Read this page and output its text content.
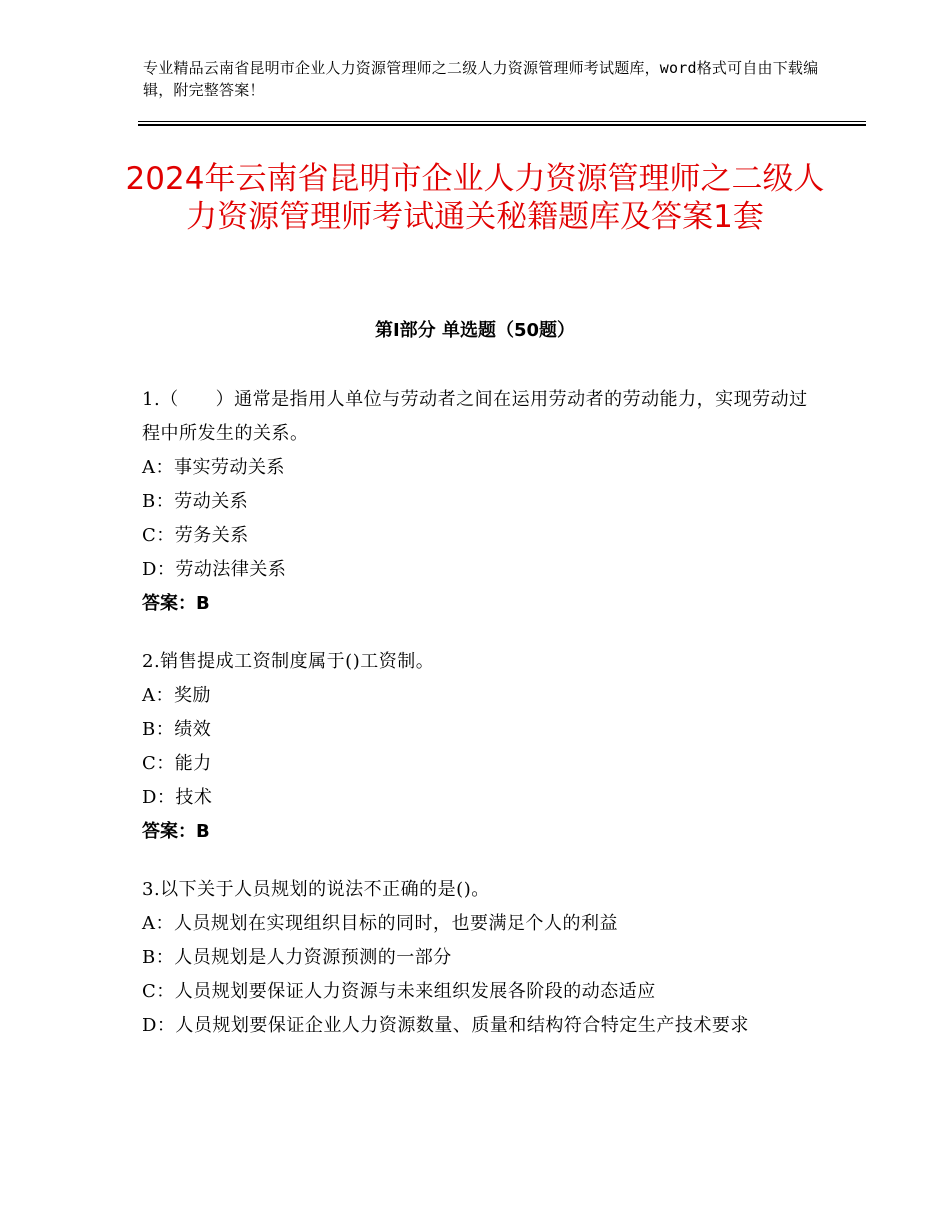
专业精品云南省昆明市企业人力资源管理师之二级人力资源管理师考试题库，word格式可自由下载编辑，附完整答案！
2024年云南省昆明市企业人力资源管理师之二级人力资源管理师考试通关秘籍题库及答案1套
第Ⅰ部分 单选题（50题）
1.（　　）通常是指用人单位与劳动者之间在运用劳动者的劳动能力，实现劳动过程中所发生的关系。
A：事实劳动关系
B：劳动关系
C：劳务关系
D：劳动法律关系
答案：B
2.销售提成工资制度属于()工资制。
A：奖励
B：绩效
C：能力
D：技术
答案：B
3.以下关于人员规划的说法不正确的是()。
A：人员规划在实现组织目标的同时，也要满足个人的利益
B：人员规划是人力资源预测的一部分
C：人员规划要保证人力资源与未来组织发展各阶段的动态适应
D：人员规划要保证企业人力资源数量、质量和结构符合特定生产技术要求
